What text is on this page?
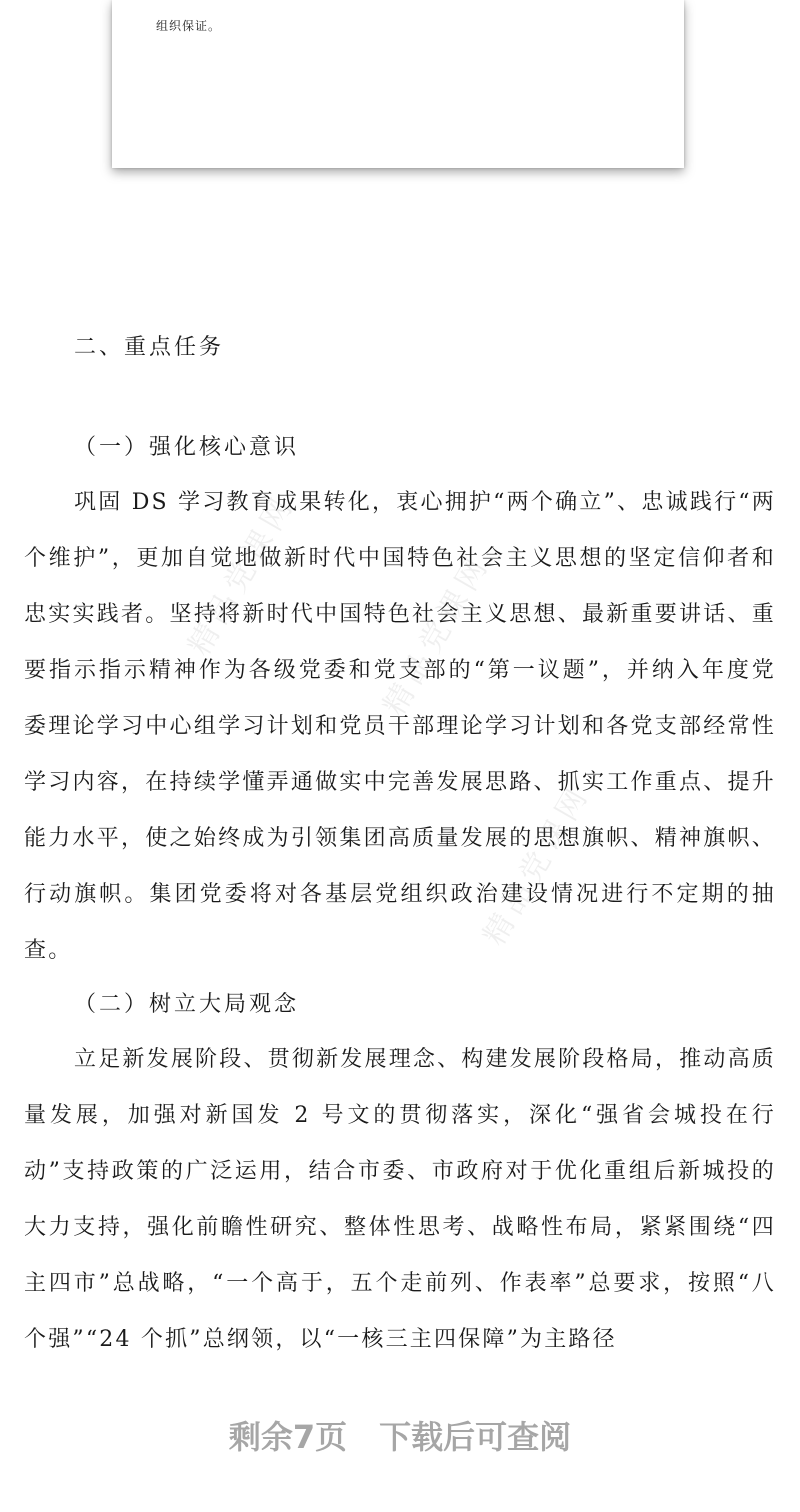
组织保证。
精品党课网 精品党课网
精品党课网
二、重点任务
（一）强化核心意识

巩固 DS 学习教育成果转化，衷心拥护“两个确立”、忠诚践行“两个维护”，更加自觉地做新时代中国特色社会主义思想的坚定信仰者和忠实实践者。坚持将新时代中国特色社会主义思想、最新重要讲话、重要指示指示精神作为各级党委和党支部的“第一议题”，并纳入年度党委理论学习中心组学习计划和党员干部理论学习计划和各党支部经常性学习内容，在持续学懂弄通做实中完善发展思路、抓实工作重点、提升能力水平，使之始终成为引领集团高质量发展的思想旗帜、精神旗帜、行动旗帜。集团党委将对各基层党组织政治建设情况进行不定期的抽查。

（二）树立大局观念

立足新发展阶段、贯彻新发展理念、构建发展阶段格局，推动高质量发展，加强对新国发 2 号文的贯彻落实，深化“强省会城投在行动”支持政策的广泛运用，结合市委、市政府对于优化重组后新城投的大力支持，强化前瞻性研究、整体性思考、战略性布局，紧紧围绕“四主四市”总战略，“一个高于，五个走前列、作表率”总要求，按照“八个强”“24 个抓”总纲领，以“一核三主四保障”为主路径

剩余7页 下载后可查阅
